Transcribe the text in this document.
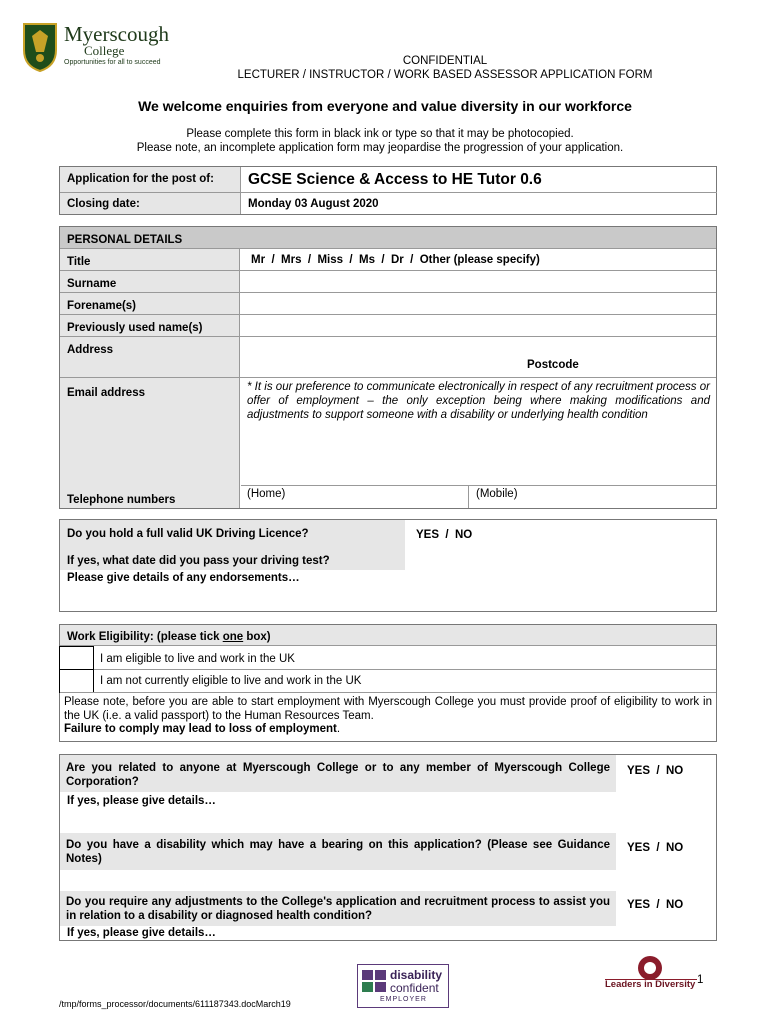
Myerscough
College
Opportunities for all to succeed	CONFIDENTIAL
LECTURER / INSTRUCTOR / WORK BASED ASSESSOR APPLICATION FORM
We welcome enquiries from everyone and value diversity in our workforce
Please complete this form in black ink or type so that it may be photocopied.
Please note, an incomplete application form may jeopardise the progression of your application.
Application for the post of:	GCSE Science & Access to HE Tutor 0.6
Closing date:	Monday 03 August 2020
PERSONAL DETAILS
Title	Mr  /  Mrs  /  Miss  /  Ms  /  Dr  /  Other (please specify)
Surname
Forename(s)
Previously used name(s)
Address
Postcode
Email address	* It is our preference to communicate electronically in respect of any recruitment process or offer of employment – the only exception being where making modifications and adjustments to support someone with a disability or underlying health condition
Telephone numbers	(Home)	(Mobile)
Do you hold a full valid UK Driving Licence?	YES  /  NO
If yes, what date did you pass your driving test?
Please give details of any endorsements…
Work Eligibility: (please tick one box)
I am eligible to live and work in the UK
I am not currently eligible to live and work in the UK
Please note, before you are able to start employment with Myerscough College you must provide proof of eligibility to work in the UK (i.e. a valid passport) to the Human Resources Team.
Failure to comply may lead to loss of employment.
Are you related to anyone at Myerscough College or to any member of Myerscough College Corporation?
YES  /  NO
If yes, please give details…
Do you have a disability which may have a bearing on this application? (Please see Guidance Notes)
YES  /  NO
Do you require any adjustments to the College's application and recruitment process to assist you in relation to a disability or diagnosed health condition?
YES  /  NO
If yes, please give details…
disability
confident
EMPLOYER
Leaders in Diversity 1
/tmp/forms_processor/documents/611187343.docMarch19
